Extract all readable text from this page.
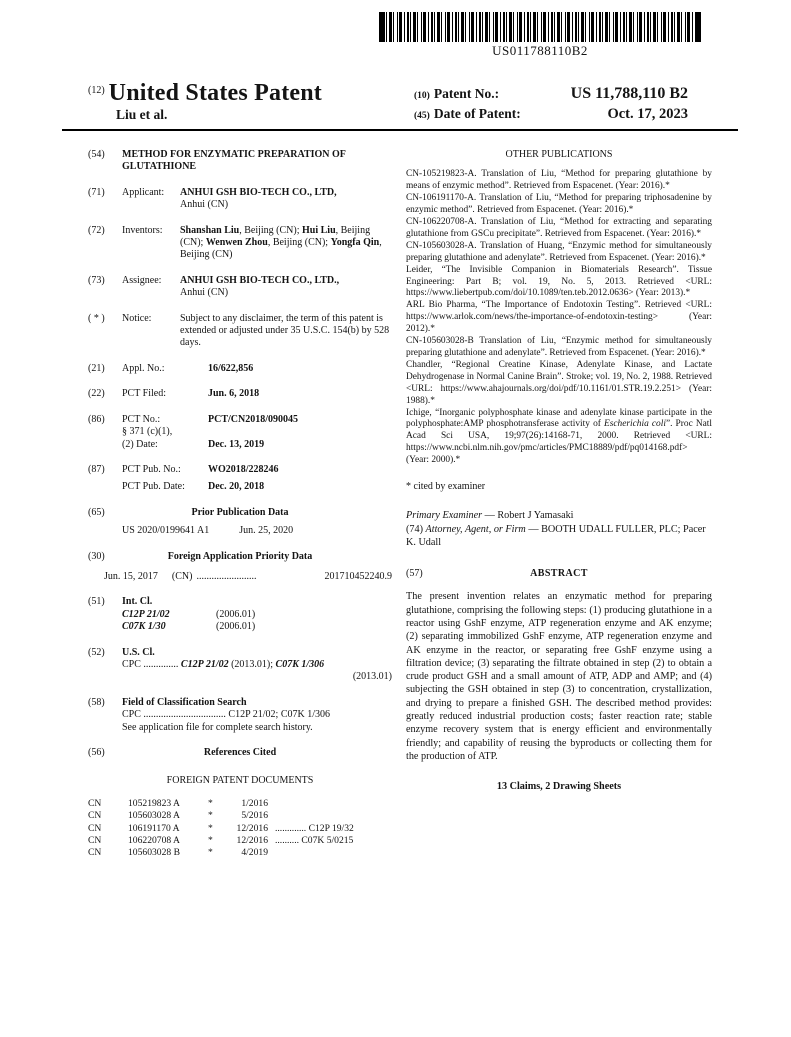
US011788110B2
$^{(12)}$ United States Patent
Liu et al.
(10) Patent No.:	US 11,788,110 B2
(45) Date of Patent:	Oct. 17, 2023
(54)	METHOD FOR ENZYMATIC PREPARATION OF GLUTATHIONE
(71)	Applicant:	ANHUI GSH BIO-TECH CO., LTD,
Anhui (CN)
(72)	Inventors:	Shanshan Liu, Beijing (CN); Hui Liu, Beijing (CN); Wenwen Zhou, Beijing (CN); Yongfa Qin, Beijing (CN)
(73)	Assignee:	ANHUI GSH BIO-TECH CO., LTD.,
Anhui (CN)
( * )	Notice:	Subject to any disclaimer, the term of this patent is extended or adjusted under 35 U.S.C. 154(b) by 528 days.
(21)	Appl. No.:	16/622,856
(22)	PCT Filed:	Jun. 6, 2018
(86)	PCT No.:	PCT/CN2018/090045
§ 371 (c)(1),
(2) Date:	Dec. 13, 2019
(87)	PCT Pub. No.:	WO2018/228246
PCT Pub. Date:	Dec. 20, 2018
(65)	Prior Publication Data
US 2020/0199641 A1	Jun. 25, 2020
(30)	Foreign Application Priority Data
Jun. 15, 2017 (CN) ........................	201710452240.9
(51)	Int. Cl.
C12P 21/02	(2006.01)
C07K 1/30	(2006.01)
(52)	U.S. Cl.
CPC .............. C12P 21/02 (2013.01); C07K 1/306
(2013.01)
(58)	Field of Classification Search
CPC ................................. C12P 21/02; C07K 1/306
See application file for complete search history.
(56)	References Cited
FOREIGN PATENT DOCUMENTS
CN	105219823 A	*	1/2016
CN	105603028 A	*	5/2016
CN	106191170 A	*	12/2016 ............. C12P 19/32
CN	106220708 A	*	12/2016 .......... C07K 5/0215
CN	105603028 B	*	4/2019
OTHER PUBLICATIONS

CN-105219823-A. Translation of Liu, “Method for preparing glutathione by means of enzymic method”. Retrieved from Espacenet. (Year: 2016).*

CN-106191170-A. Translation of Liu, “Method for preparing triphosadenine by enzymic method”. Retrieved from Espacenet. (Year: 2016).*

CN-106220708-A. Translation of Liu, “Method for extracting and separating glutathione from GSCu precipitate”. Retrieved from Espacenet. (Year: 2016).*

CN-105603028-A. Translation of Huang, “Enzymic method for simultaneously preparing glutathione and adenylate”. Retrieved from Espacenet. (Year: 2016).*

Leider, “The Invisible Companion in Biomaterials Research”. Tissue Engineering: Part B; vol. 19, No. 5, 2013. Retrieved <URL: https://www.liebertpub.com/doi/10.1089/ten.teb.2012.0636> (Year: 2013).*

ARL Bio Pharma, “The Importance of Endotoxin Testing”. Retrieved <URL: https://www.arlok.com/news/the-importance-of-endotoxin-testing> (Year: 2012).*

CN-105603028-B Translation of Liu, “Enzymic method for simultaneously preparing glutathione and adenylate”. Retrieved from Espacenet. (Year: 2016).*

Chandler, “Regional Creatine Kinase, Adenylate Kinase, and Lactate Dehydrogenase in Normal Canine Brain”. Stroke; vol. 19, No. 2, 1988. Retrieved <URL: https://www.ahajournals.org/doi/pdf/10.1161/01.STR.19.2.251> (Year: 1988).*

Ichige, “Inorganic polyphosphate kinase and adenylate kinase participate in the polyphosphate:AMP phosphotransferase activity of Escherichia coli”. Proc Natl Acad Sci USA, 19;97(26):14168-71, 2000. Retrieved <URL: https://www.ncbi.nlm.nih.gov/pmc/articles/PMC18889/pdf/pq014168.pdf> (Year: 2000).*

* cited by examiner
Primary Examiner — Robert J Yamasaki
(74) Attorney, Agent, or Firm — BOOTH UDALL FULLER, PLC; Pacer K. Udall
(57)	ABSTRACT

The present invention relates an enzymatic method for preparing glutathione, comprising the following steps: (1) producing glutathione in a reactor using GshF enzyme, ATP regeneration enzyme and AK enzyme; (2) separating immobilized GshF enzyme, ATP regeneration enzyme and AK enzyme in the reactor, or separating free GshF enzyme using a filtration device; (3) separating the filtrate obtained in step (2) to obtain a crude product GSH and a small amount of ATP, ADP and AMP; and (4) subjecting the GSH obtained in step (3) to concentration, crystallization, and drying to prepare a finished GSH. The described method provides: greatly reduced industrial production costs; faster reaction rate; stable enzyme recovery system that is energy efficient and environmentally friendly; and capability of reusing the byproducts or collecting them for the production of ATP.

13 Claims, 2 Drawing Sheets
